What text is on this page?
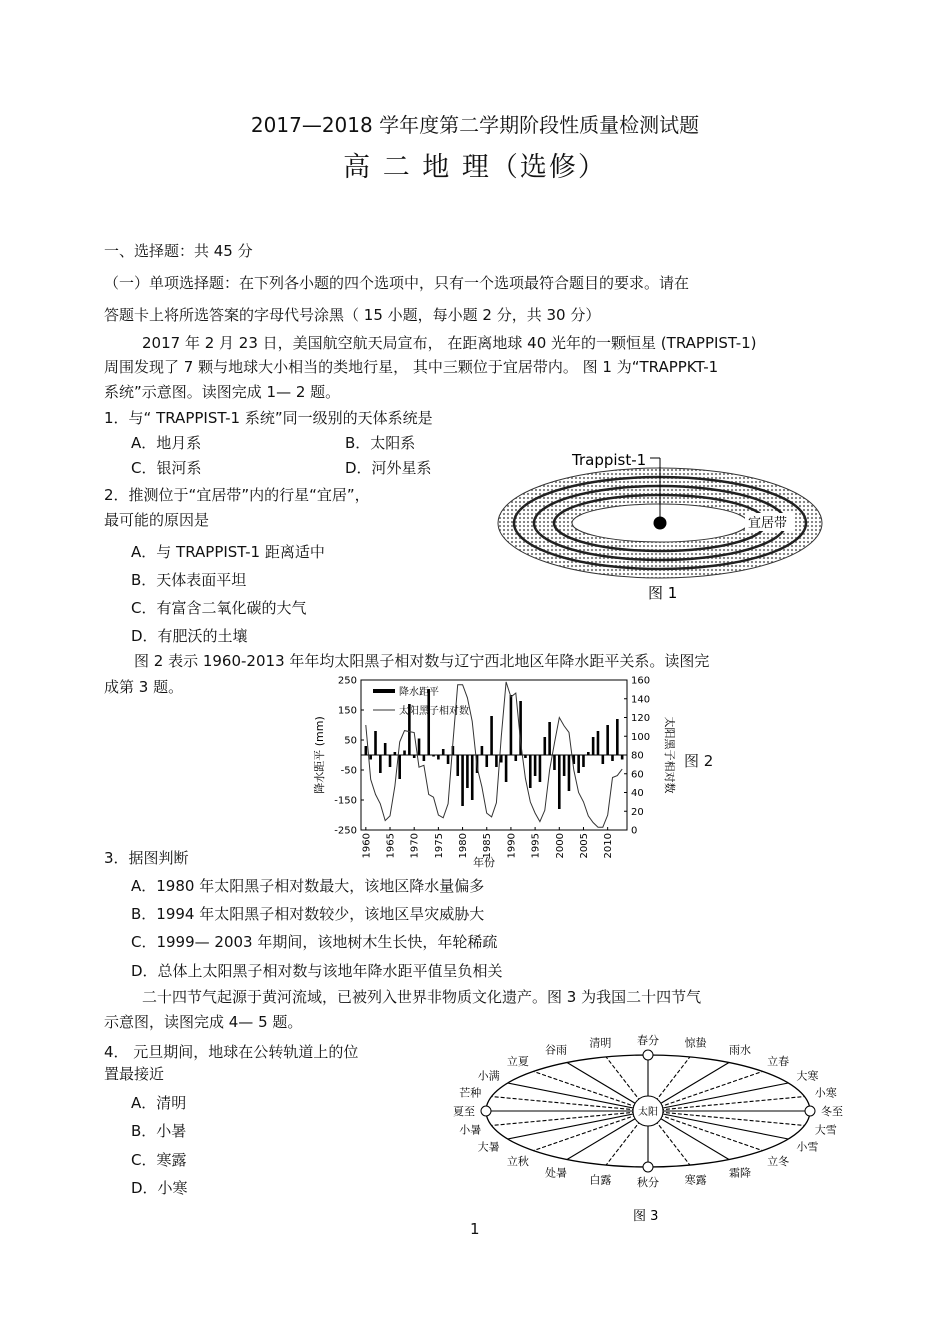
2017—2018 学年度第二学期阶段性质量检测试题
高 二 地 理（选修）
一、选择题：共 45 分
（一）单项选择题：在下列各小题的四个选项中，只有一个选项最符合题目的要求。请在
答题卡上将所选答案的字母代号涂黑（ 15 小题，每小题 2 分，共 30 分）
2017 年 2 月 23 日，美国航空航天局宣布， 在距离地球 40 光年的一颗恒星 (TRAPPIST-1)
周围发现了 7 颗与地球大小相当的类地行星， 其中三颗位于宜居带内。 图 1 为“TRAPPKT-1
系统”示意图。读图完成 1— 2 题。
1．与“ TRAPPIST-1 系统”同一级别的天体系统是
A．地月系	B．太阳系
C．银河系	D．河外星系
2．推测位于“宜居带”内的行星“宜居”，
最可能的原因是
A．与 TRAPPIST-1 距离适中
B．天体表面平坦
C．有富含二氧化碳的大气
D．有肥沃的土壤
Trappist-1
宜居带
图 1
图 2 表示 1960-2013 年年均太阳黑子相对数与辽宁西北地区年降水距平关系。读图完
成第 3 题。	250
150
50
-50
-150
-250
160
140
120
100
80
60
40
20
0
1960 1965 1970 1975 1980 1985 1990 1995 2000 2005 2010
降水距平
太阳黑子相对数
降水距平 (mm)	太阳黑子相对数
年份
图 2
3．据图判断
A．1980 年太阳黑子相对数最大，该地区降水量偏多
B．1994 年太阳黑子相对数较少，该地区旱灾威胁大
C．1999— 2003 年期间，该地树木生长快，年轮稀疏
D．总体上太阳黑子相对数与该地年降水距平值呈负相关
二十四节气起源于黄河流域，已被列入世界非物质文化遗产。图 3 为我国二十四节气
示意图，读图完成 4— 5 题。
4． 元旦期间，地球在公转轨道上的位
置最接近
A．清明
B．小暑
C．寒露
D．小寒
太阳
春分 惊蛰
雨水
立春
大寒
小寒
冬至
大雪
小雪
立冬
霜降
寒露
秋分
白露
处暑
立秋
大暑
小暑
夏至
芒种
小满
立夏
谷雨
清明
图 3
1
